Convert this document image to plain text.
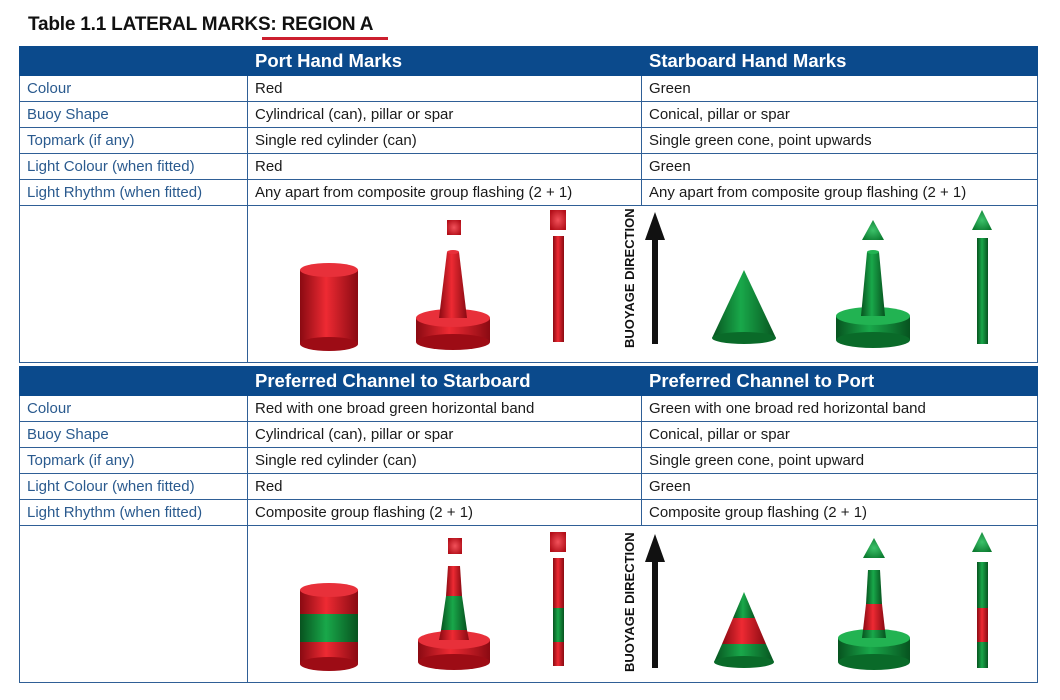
Table 1.1 LATERAL MARKS: REGION A
	Port Hand Marks	Starboard Hand Marks
Colour	Red	Green
Buoy Shape	Cylindrical (can), pillar or spar	Conical, pillar or spar
Topmark (if any)	Single red cylinder (can)	Single green cone, point upwards
Light Colour (when fitted)	Red	Green
Light Rhythm (when fitted)	Any apart from composite group flashing (2 + 1)	Any apart from composite group flashing (2 + 1)

BUOYAGE DIRECTION	
	Preferred Channel to Starboard	Preferred Channel to Port
Colour	Red with one broad green horizontal band	Green with one broad red horizontal band
Buoy Shape	Cylindrical (can), pillar or spar	Conical, pillar or spar
Topmark (if any)	Single red cylinder (can)	Single green cone, point upward
Light Colour (when fitted)	Red	Green
Light Rhythm (when fitted)	Composite group flashing (2 + 1)	Composite group flashing (2 + 1)

BUOYAGE DIRECTION	
